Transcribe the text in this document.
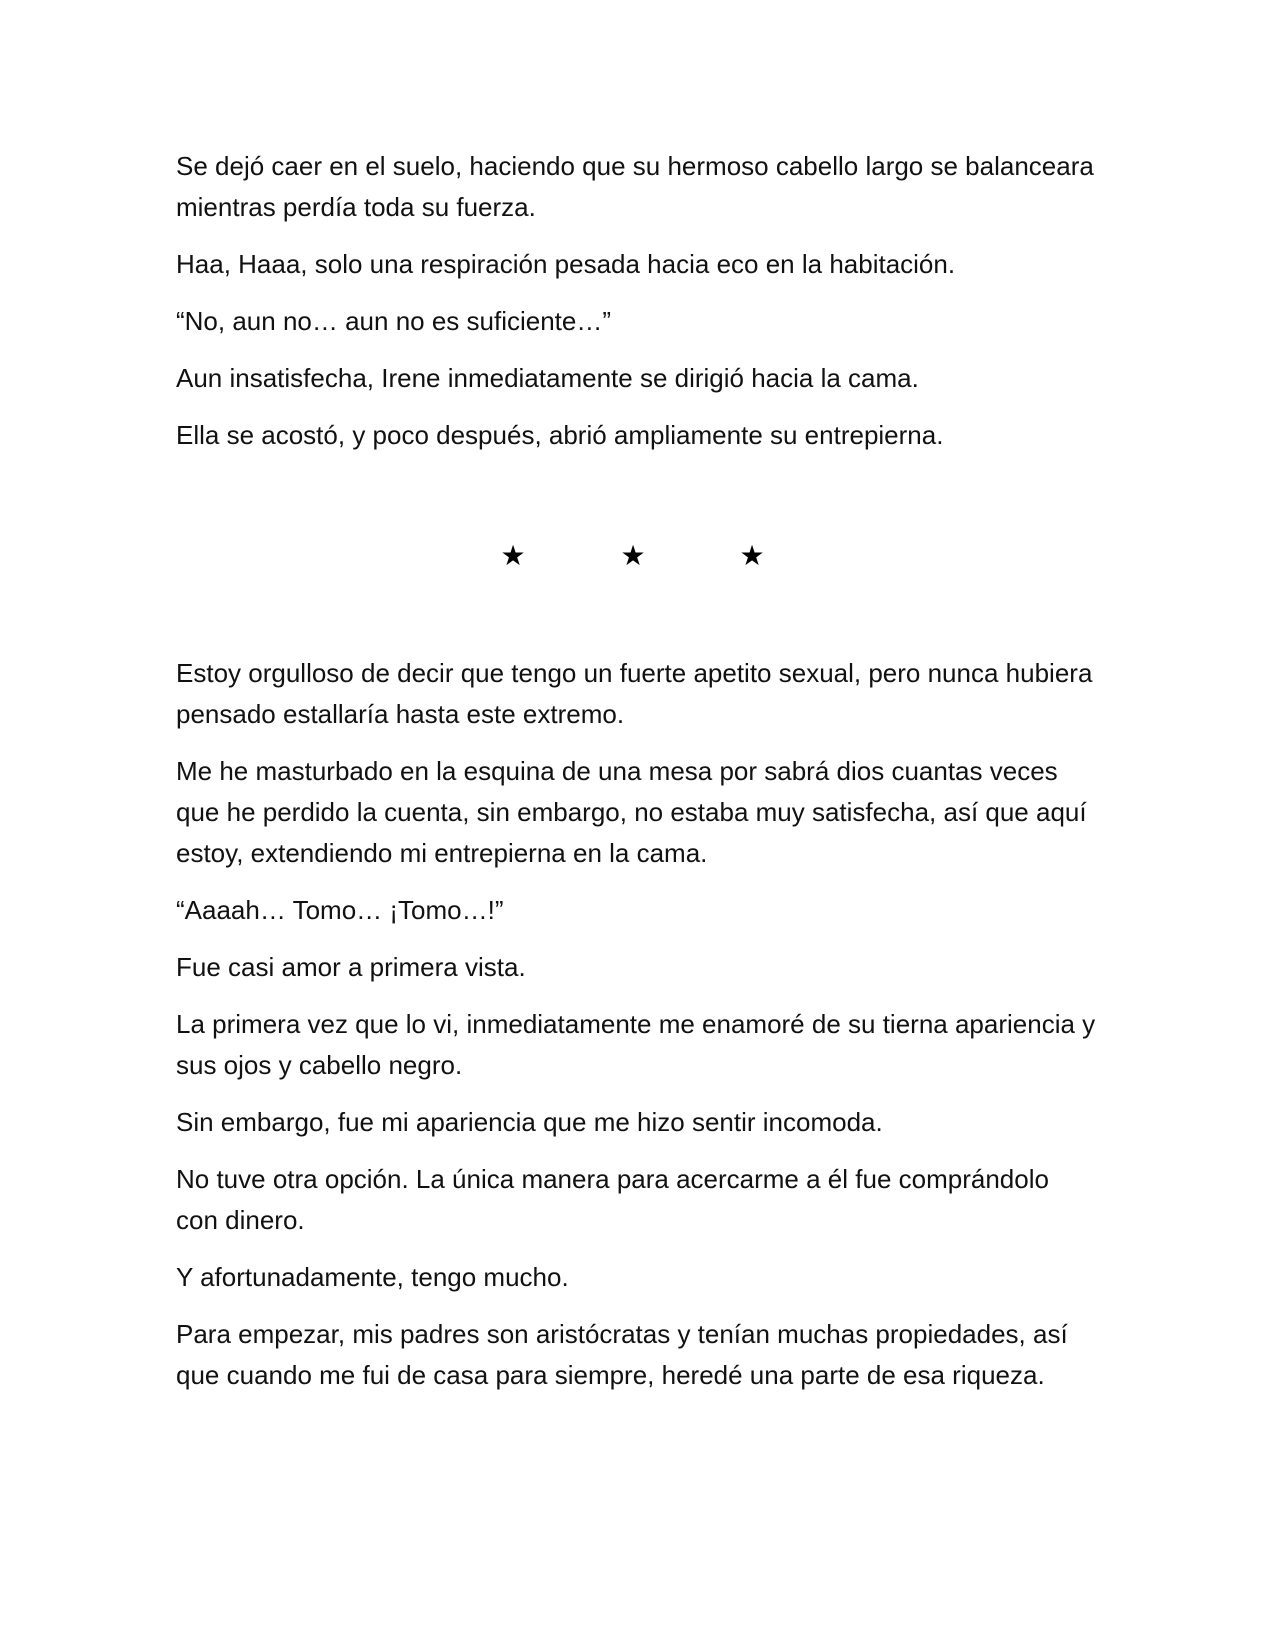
Se dejó caer en el suelo, haciendo que su hermoso cabello largo se balanceara mientras perdía toda su fuerza.

Haa, Haaa, solo una respiración pesada hacia eco en la habitación.

“No, aun no… aun no es suficiente…”

Aun insatisfecha, Irene inmediatamente se dirigió hacia la cama.

Ella se acostó, y poco después, abrió ampliamente su entrepierna.

★	★	★

Estoy orgulloso de decir que tengo un fuerte apetito sexual, pero nunca hubiera pensado estallaría hasta este extremo.

Me he masturbado en la esquina de una mesa por sabrá dios cuantas veces que he perdido la cuenta, sin embargo, no estaba muy satisfecha, así que aquí estoy, extendiendo mi entrepierna en la cama.

“Aaaah… Tomo… ¡Tomo…!”

Fue casi amor a primera vista.

La primera vez que lo vi, inmediatamente me enamoré de su tierna apariencia y sus ojos y cabello negro.

Sin embargo, fue mi apariencia que me hizo sentir incomoda.

No tuve otra opción. La única manera para acercarme a él fue comprándolo con dinero.

Y afortunadamente, tengo mucho.

Para empezar, mis padres son aristócratas y tenían muchas propiedades, así que cuando me fui de casa para siempre, heredé una parte de esa riqueza.
